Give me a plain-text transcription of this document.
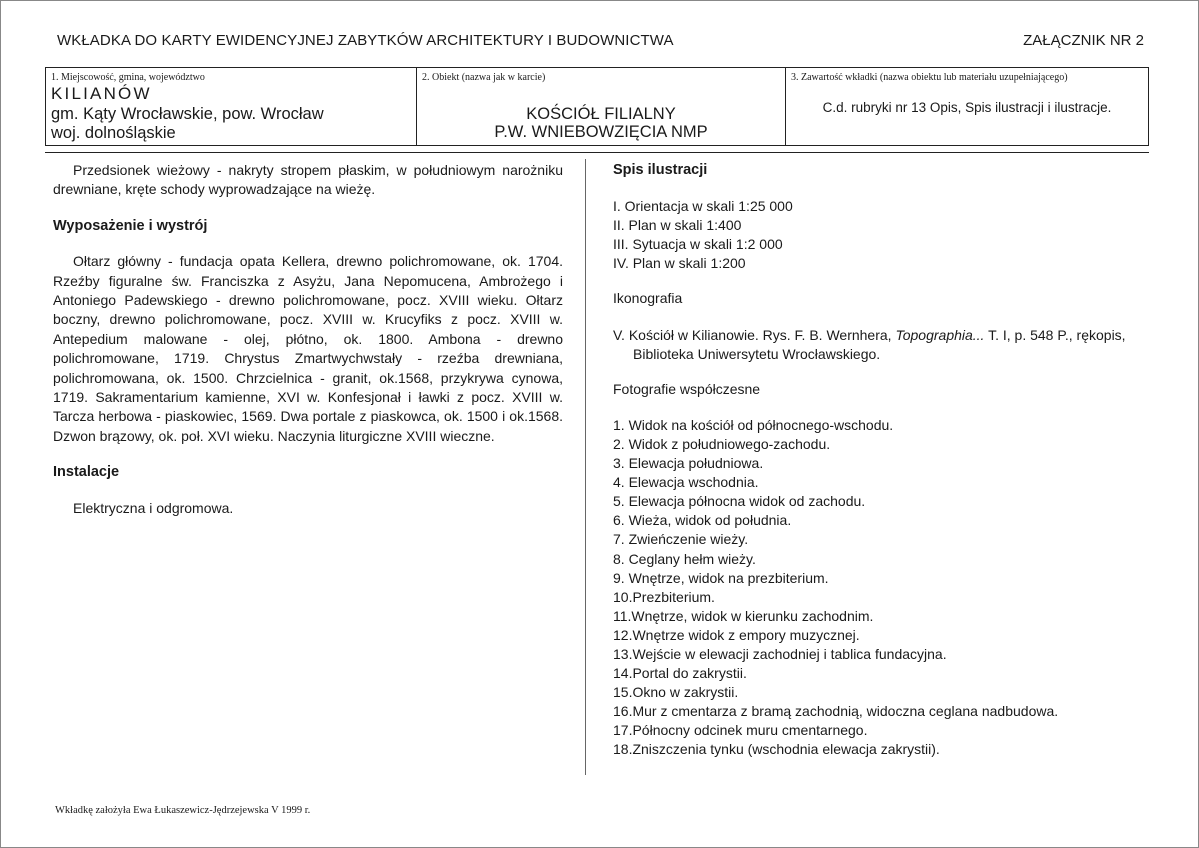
WKŁADKA DO KARTY EWIDENCYJNEJ ZABYTKÓW ARCHITEKTURY I BUDOWNICTWA	ZAŁĄCZNIK NR 2
1. Miejscowość, gmina, województwo
KILIANÓW
gm. Kąty Wrocławskie, pow. Wrocław
woj. dolnośląskie
2. Obiekt (nazwa jak w karcie)
KOŚCIÓŁ FILIALNY
P.W. WNIEBOWZIĘCIA NMP
3. Zawartość wkładki (nazwa obiektu lub materiału uzupełniającego)
C.d. rubryki nr 13 Opis, Spis ilustracji i ilustracje.

Przedsionek wieżowy - nakryty stropem płaskim, w południowym narożniku drewniane, kręte schody wyprowadzające na wieżę.

Wyposażenie i wystrój

Ołtarz główny - fundacja opata Kellera, drewno polichromowane, ok. 1704. Rzeźby figuralne św. Franciszka z Asyżu, Jana Nepomucena, Ambrożego i Antoniego Padewskiego - drewno polichromowane, pocz. XVIII wieku. Ołtarz boczny, drewno polichromowane, pocz. XVIII w. Krucyfiks z pocz. XVIII w. Antepedium malowane - olej, płótno, ok. 1800. Ambona - drewno polichromowane, 1719. Chrystus Zmartwychwstały - rzeźba drewniana, polichromowana, ok. 1500. Chrzcielnica - granit, ok.1568, przykrywa cynowa, 1719. Sakramentarium kamienne, XVI w. Konfesjonał i ławki z pocz. XVIII w. Tarcza herbowa - piaskowiec, 1569. Dwa portale z piaskowca, ok. 1500 i ok.1568. Dzwon brązowy, ok. poł. XVI wieku. Naczynia liturgiczne XVIII wieczne.

Instalacje

Elektryczna i odgromowa.

Spis ilustracji

I. Orientacja w skali 1:25 000

II. Plan w skali 1:400

III. Sytuacja w skali 1:2 000

IV. Plan w skali 1:200

Ikonografia

V. Kościół w Kilianowie. Rys. F. B. Wernhera, Topographia... T. I, p. 548 P., rękopis, Biblioteka Uniwersytetu Wrocławskiego.

Fotografie współczesne

1. Widok na kościół od północnego-wschodu.

2. Widok z południowego-zachodu.

3. Elewacja południowa.

4. Elewacja wschodnia.

5. Elewacja północna widok od zachodu.

6. Wieża, widok od południa.

7. Zwieńczenie wieży.

8. Ceglany hełm wieży.

9. Wnętrze, widok na prezbiterium.

10.Prezbiterium.

11.Wnętrze, widok w kierunku zachodnim.

12.Wnętrze widok z empory muzycznej.

13.Wejście w elewacji zachodniej i tablica fundacyjna.

14.Portal do zakrystii.

15.Okno w zakrystii.

16.Mur z cmentarza z bramą zachodnią, widoczna ceglana nadbudowa.

17.Północny odcinek muru cmentarnego.

18.Zniszczenia tynku (wschodnia elewacja zakrystii).

Wkładkę założyła Ewa Łukaszewicz-Jędrzejewska V 1999 r.
